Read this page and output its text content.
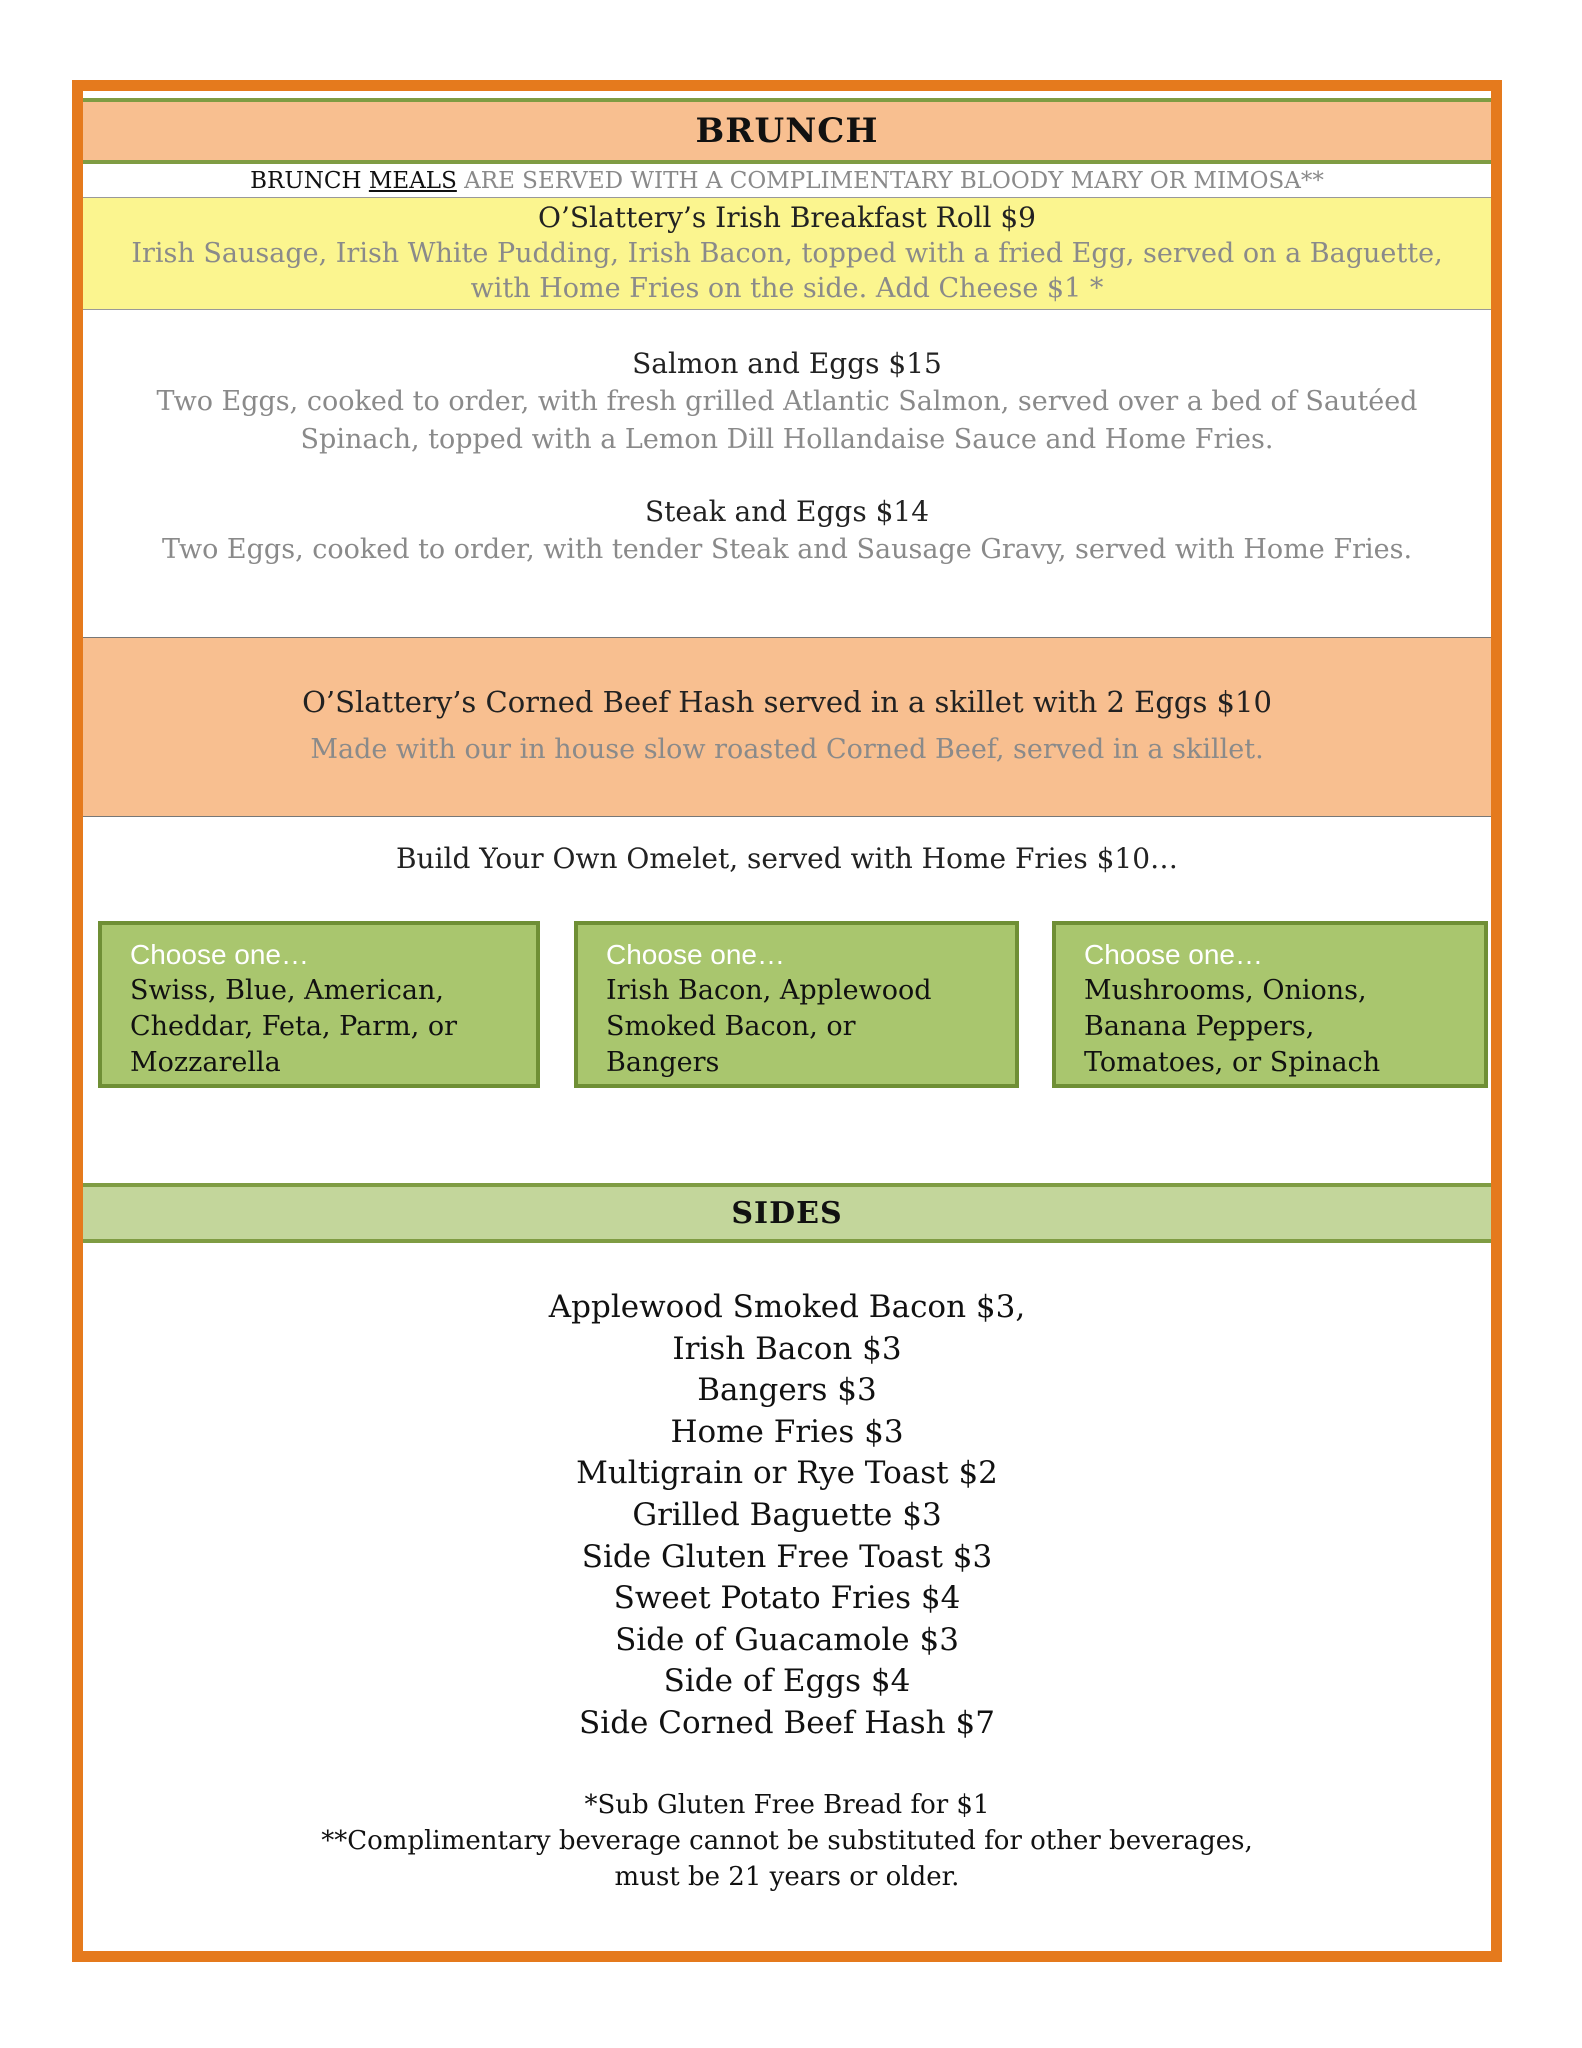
BRUNCH
BRUNCH MEALS ARE SERVED WITH A COMPLIMENTARY BLOODY MARY OR MIMOSA**
O’Slattery’s Irish Breakfast Roll $9
Irish Sausage, Irish White Pudding, Irish Bacon, topped with a fried Egg, served on a Baguette,
with Home Fries on the side. Add Cheese $1 *
Salmon and Eggs $15
Two Eggs, cooked to order, with fresh grilled Atlantic Salmon, served over a bed of Sautéed
Spinach, topped with a Lemon Dill Hollandaise Sauce and Home Fries.
Steak and Eggs $14
Two Eggs, cooked to order, with tender Steak and Sausage Gravy, served with Home Fries.
O’Slattery’s Corned Beef Hash served in a skillet with 2 Eggs $10
Made with our in house slow roasted Corned Beef, served in a skillet.
Build Your Own Omelet, served with Home Fries $10…
Choose one…
Swiss, Blue, American,
Cheddar, Feta, Parm, or
Mozzarella
Choose one…
Irish Bacon, Applewood
Smoked Bacon, or
Bangers
Choose one…
Mushrooms, Onions,
Banana Peppers,
Tomatoes, or Spinach
SIDES
Applewood Smoked Bacon $3,
Irish Bacon $3
Bangers $3
Home Fries $3
Multigrain or Rye Toast $2
Grilled Baguette $3
Side Gluten Free Toast $3
Sweet Potato Fries $4
Side of Guacamole $3
Side of Eggs $4
Side Corned Beef Hash $7
*Sub Gluten Free Bread for $1
**Complimentary beverage cannot be substituted for other beverages,
must be 21 years or older.
